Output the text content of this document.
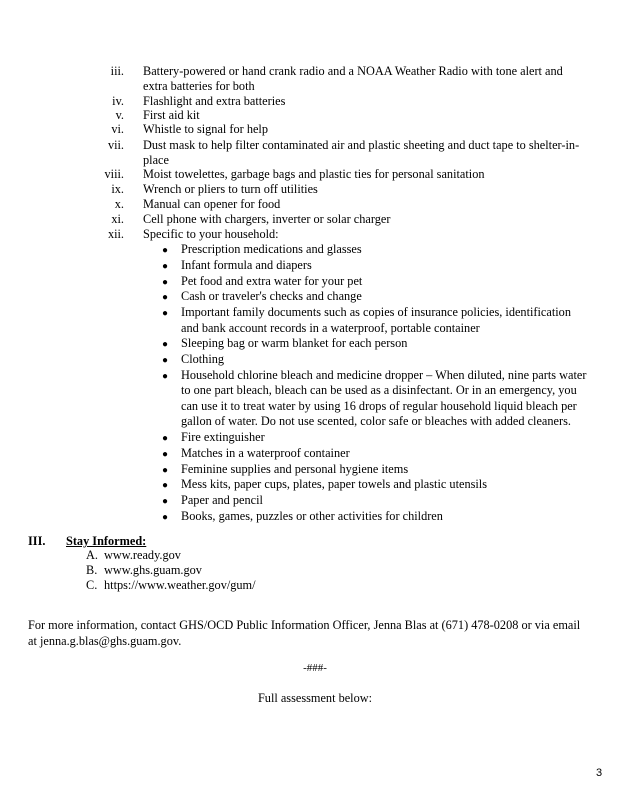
iii. Battery-powered or hand crank radio and a NOAA Weather Radio with tone alert and
extra batteries for both
iv. Flashlight and extra batteries
v. First aid kit
vi. Whistle to signal for help
vii. Dust mask to help filter contaminated air and plastic sheeting and duct tape to shelter-in-
place
viii. Moist towelettes, garbage bags and plastic ties for personal sanitation
ix. Wrench or pliers to turn off utilities
x. Manual can opener for food
xi. Cell phone with chargers, inverter or solar charger
xii. Specific to your household:
● Prescription medications and glasses
● Infant formula and diapers
● Pet food and extra water for your pet
● Cash or traveler's checks and change
● Important family documents such as copies of insurance policies, identification
and bank account records in a waterproof, portable container
● Sleeping bag or warm blanket for each person
● Clothing
● Household chlorine bleach and medicine dropper – When diluted, nine parts water
to one part bleach, bleach can be used as a disinfectant. Or in an emergency, you
can use it to treat water by using 16 drops of regular household liquid bleach per
gallon of water. Do not use scented, color safe or bleaches with added cleaners.
● Fire extinguisher
● Matches in a waterproof container
● Feminine supplies and personal hygiene items
● Mess kits, paper cups, plates, paper towels and plastic utensils
● Paper and pencil
● Books, games, puzzles or other activities for children
III. Stay Informed:
A. www.ready.gov
B. www.ghs.guam.gov
C. https://www.weather.gov/gum/
For more information, contact GHS/OCD Public Information Officer, Jenna Blas at (671) 478-0208 or via email
at jenna.g.blas@ghs.guam.gov.
-###-
Full assessment below:
3
